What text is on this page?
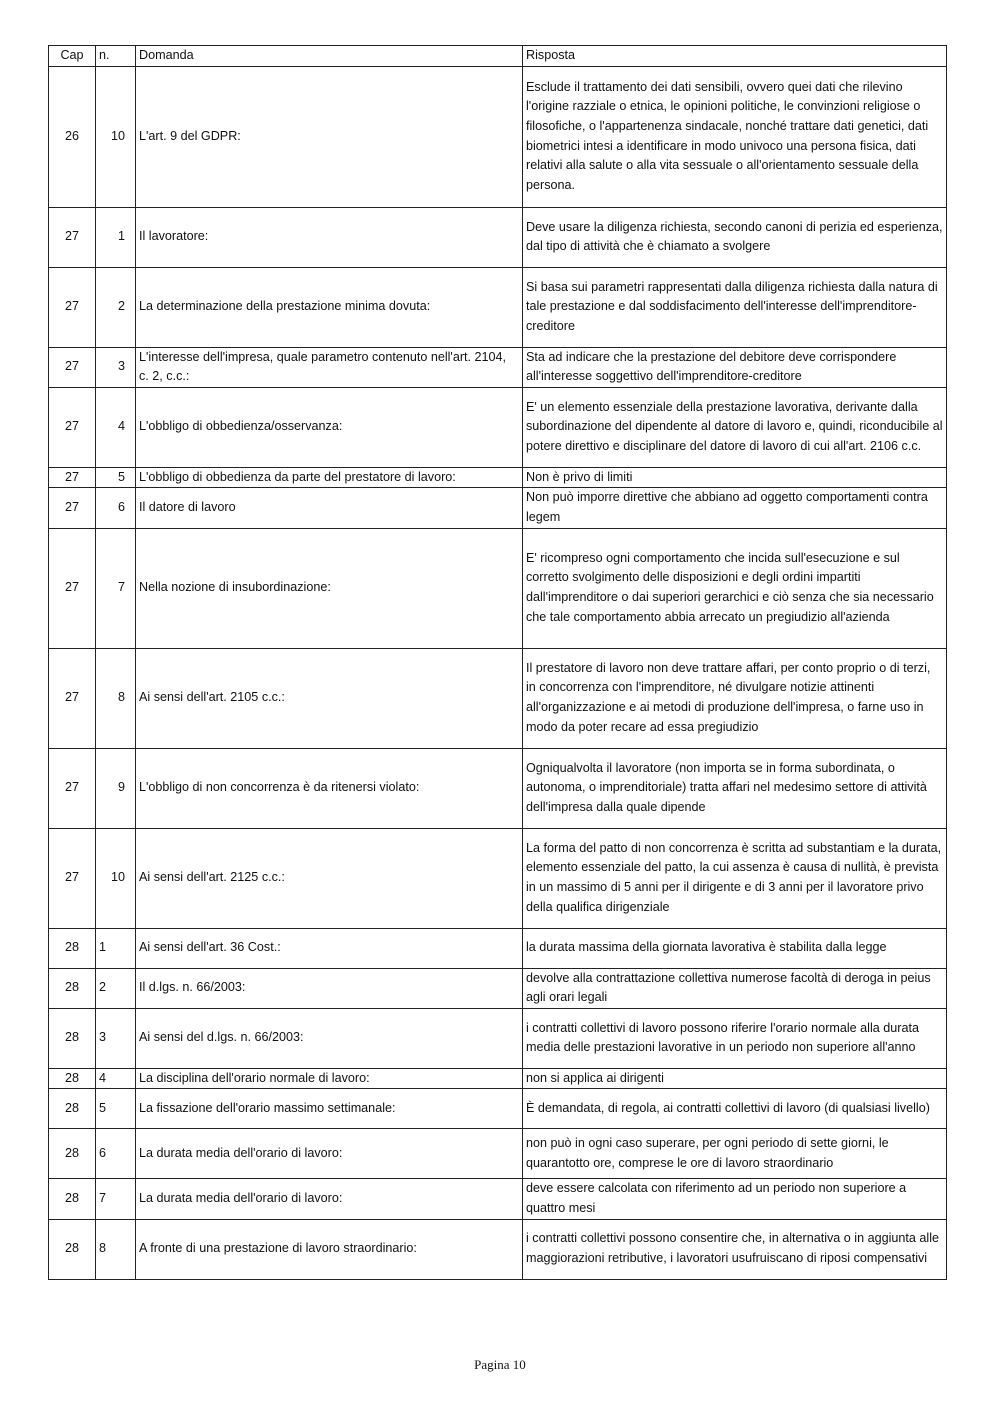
Cap	n.	Domanda	Risposta
26	10	L'art. 9 del GDPR:	Esclude il trattamento dei dati sensibili, ovvero quei dati che rilevino l'origine razziale o etnica, le opinioni politiche, le convinzioni religiose o filosofiche, o l'appartenenza sindacale, nonché trattare dati genetici, dati biometrici intesi a identificare in modo univoco una persona fisica, dati relativi alla salute o alla vita sessuale o all'orientamento sessuale della persona.
27	1	Il lavoratore:	Deve usare la diligenza richiesta, secondo canoni di perizia ed esperienza, dal tipo di attività che è chiamato a svolgere
27	2	La determinazione della prestazione minima dovuta:	Si basa sui parametri rappresentati dalla diligenza richiesta dalla natura di tale prestazione e dal soddisfacimento dell'interesse dell'imprenditore-creditore
27	3	L'interesse dell'impresa, quale parametro contenuto nell'art. 2104, c. 2, c.c.:	Sta ad indicare che la prestazione del debitore deve corrispondere all'interesse soggettivo dell'imprenditore-creditore
27	4	L'obbligo di obbedienza/osservanza:	E' un elemento essenziale della prestazione lavorativa, derivante dalla subordinazione del dipendente al datore di lavoro e, quindi, riconducibile al potere direttivo e disciplinare del datore di lavoro di cui all'art. 2106 c.c.
27	5	L'obbligo di obbedienza da parte del prestatore di lavoro:	Non è privo di limiti
27	6	Il datore di lavoro	Non può imporre direttive che abbiano ad oggetto comportamenti contra legem
27	7	Nella nozione di insubordinazione:	E' ricompreso ogni comportamento che incida sull'esecuzione e sul corretto svolgimento delle disposizioni e degli ordini impartiti dall'imprenditore o dai superiori gerarchici e ciò senza che sia necessario che tale comportamento abbia arrecato un pregiudizio all'azienda
27	8	Ai sensi dell'art. 2105 c.c.:	Il prestatore di lavoro non deve trattare affari, per conto proprio o di terzi, in concorrenza con l'imprenditore, né divulgare notizie attinenti all'organizzazione e ai metodi di produzione dell'impresa, o farne uso in modo da poter recare ad essa pregiudizio
27	9	L'obbligo di non concorrenza è da ritenersi violato:	Ogniqualvolta il lavoratore (non importa se in forma subordinata, o autonoma, o imprenditoriale) tratta affari nel medesimo settore di attività dell'impresa dalla quale dipende
27	10	Ai sensi dell'art. 2125 c.c.:	La forma del patto di non concorrenza è scritta ad substantiam e la durata, elemento essenziale del patto, la cui assenza è causa di nullità, è prevista in un massimo di 5 anni per il dirigente e di 3 anni per il lavoratore privo della qualifica dirigenziale
28	1	Ai sensi dell'art. 36 Cost.:	la durata massima della giornata lavorativa è stabilita dalla legge
28	2	Il d.lgs. n. 66/2003:	devolve alla contrattazione collettiva numerose facoltà di deroga in peius agli orari legali
28	3	Ai sensi del d.lgs. n. 66/2003:	i contratti collettivi di lavoro possono riferire l'orario normale alla durata media delle prestazioni lavorative in un periodo non superiore all'anno
28	4	La disciplina dell'orario normale di lavoro:	non si applica ai dirigenti
28	5	La fissazione dell'orario massimo settimanale:	È demandata, di regola, ai contratti collettivi di lavoro (di qualsiasi livello)
28	6	La durata media dell'orario di lavoro:	non può in ogni caso superare, per ogni periodo di sette giorni, le quarantotto ore, comprese le ore di lavoro straordinario
28	7	La durata media dell'orario di lavoro:	deve essere calcolata con riferimento ad un periodo non superiore a quattro mesi
28	8	A fronte di una prestazione di lavoro straordinario:	i contratti collettivi possono consentire che, in alternativa o in aggiunta alle maggiorazioni retributive, i lavoratori usufruiscano di riposi compensativi
Pagina 10
